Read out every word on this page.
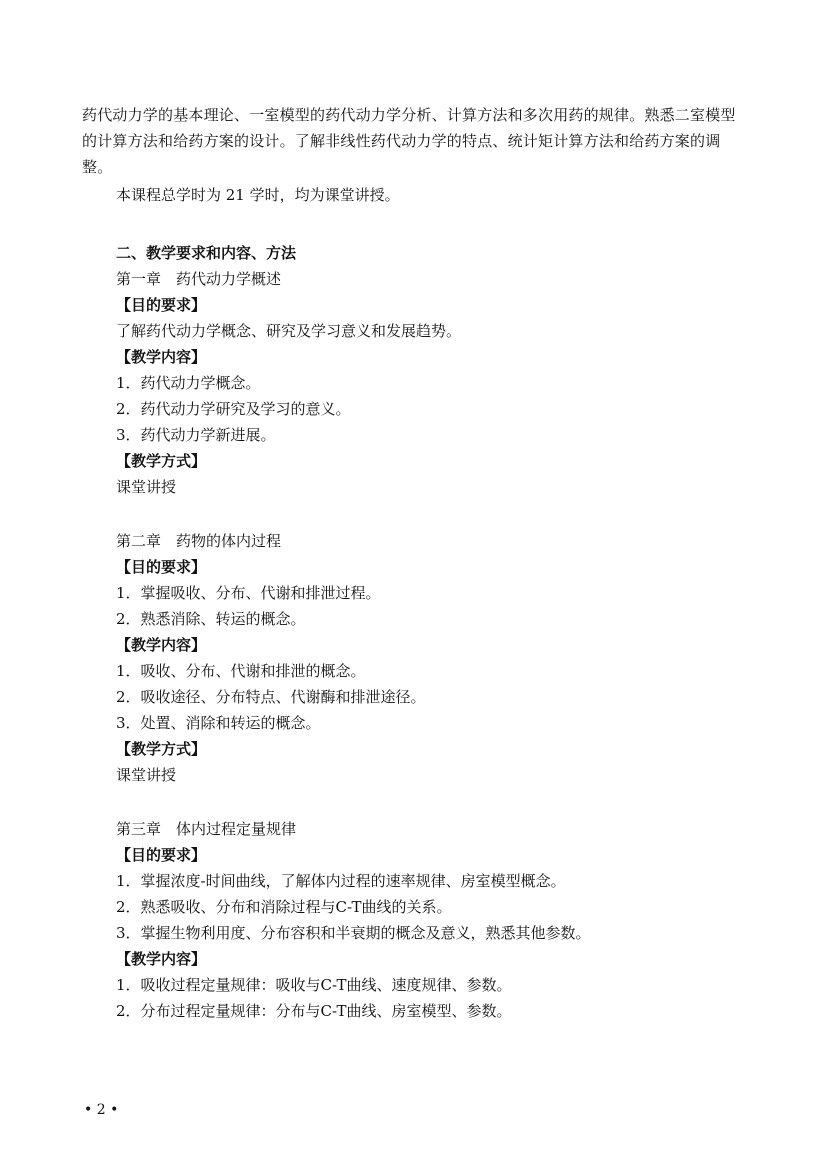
药代动力学的基本理论、一室模型的药代动力学分析、计算方法和多次用药的规律。熟悉二室模型的计算方法和给药方案的设计。了解非线性药代动力学的特点、统计矩计算方法和给药方案的调整。

本课程总学时为 21 学时，均为课堂讲授。

二、教学要求和内容、方法
第一章　药代动力学概述
【目的要求】
了解药代动力学概念、研究及学习意义和发展趋势。
【教学内容】
1．药代动力学概念。
2．药代动力学研究及学习的意义。
3．药代动力学新进展。
【教学方式】
课堂讲授
第二章　药物的体内过程
【目的要求】
1．掌握吸收、分布、代谢和排泄过程。
2．熟悉消除、转运的概念。
【教学内容】
1．吸收、分布、代谢和排泄的概念。
2．吸收途径、分布特点、代谢酶和排泄途径。
3．处置、消除和转运的概念。
【教学方式】
课堂讲授
第三章　体内过程定量规律
【目的要求】
1．掌握浓度-时间曲线，了解体内过程的速率规律、房室模型概念。
2．熟悉吸收、分布和消除过程与C-T曲线的关系。
3．掌握生物利用度、分布容积和半衰期的概念及意义，熟悉其他参数。
【教学内容】
1．吸收过程定量规律：吸收与C-T曲线、速度规律、参数。
2．分布过程定量规律：分布与C-T曲线、房室模型、参数。
• 2 •
